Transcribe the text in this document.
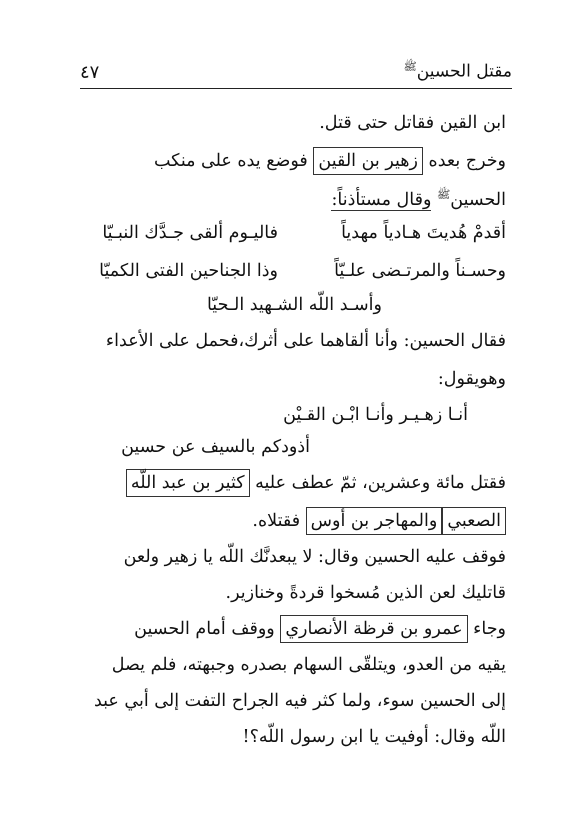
٤٧	مقتل الحسين$^ﷺ$
ابن القين فقاتل حتى قتل.
وخرج بعده زهير بن القين فوضع يده على منكب
الحسين$^ﷺ$ وقال مستأذناً:
أقدمْ هُديتَ هـادياً مهدياً
فاليـوم ألقى جـدَّك النبـيّا
وحسـناً والمرتـضى علـيّاً
وذا الجناحين الفتى الكميّا
وأسـد اللّه الشـهيد الـحيّا
فقال الحسين: وأنا ألقاهما على أثرك،فحمل على الأعداء
وهويقول:
أنـا زهـيـر وأنـا ابْـن القـيْن
أذودكم بالسيف عن حسين
فقتل مائة وعشرين، ثمّ عطف عليه كثير بن عبد اللّه
الصعبيوالمهاجر بن أوس فقتلاه.
فوقف عليه الحسين وقال: لا يبعدنَّك اللّه يا زهير ولعن
قاتليك لعن الذين مُسخوا قردةً وخنازير.
وجاء عمرو بن قرظة الأنصاري ووقف أمام الحسين
يقيه من العدو، ويتلقّى السهام بصدره وجبهته، فلم يصل
إلى الحسين سوء، ولما كثر فيه الجراح التفت إلى أبي عبد
اللّه وقال: أوفيت يا ابن رسول اللّه؟!
